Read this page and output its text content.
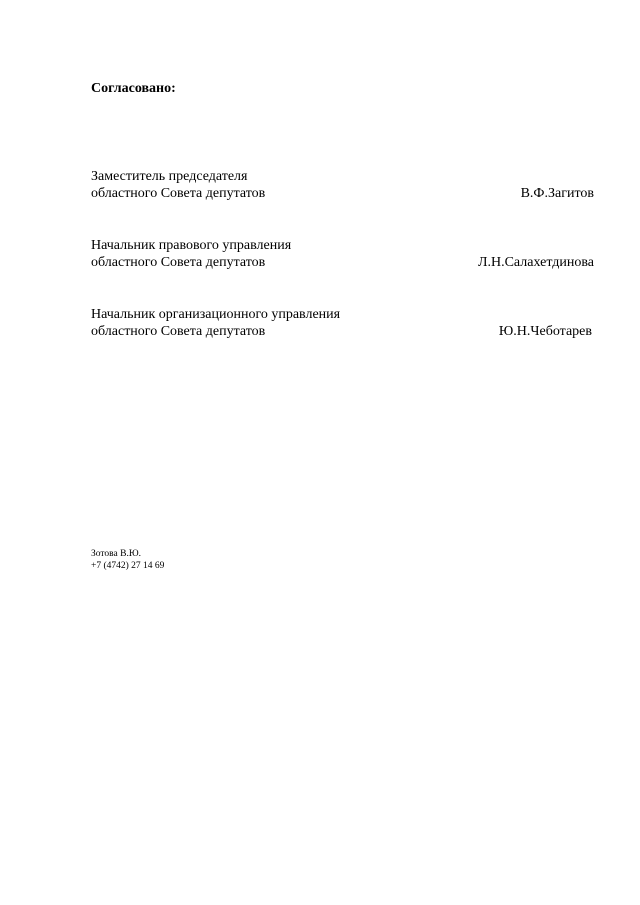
Согласовано:

Заместитель председателя
областного Совета депутатов	В.Ф.Загитов
Начальник правового управления
областного Совета депутатов	Л.Н.Салахетдинова
Начальник организационного управления
областного Совета депутатов	Ю.Н.Чеботарев
Зотова В.Ю.
+7 (4742) 27 14 69
